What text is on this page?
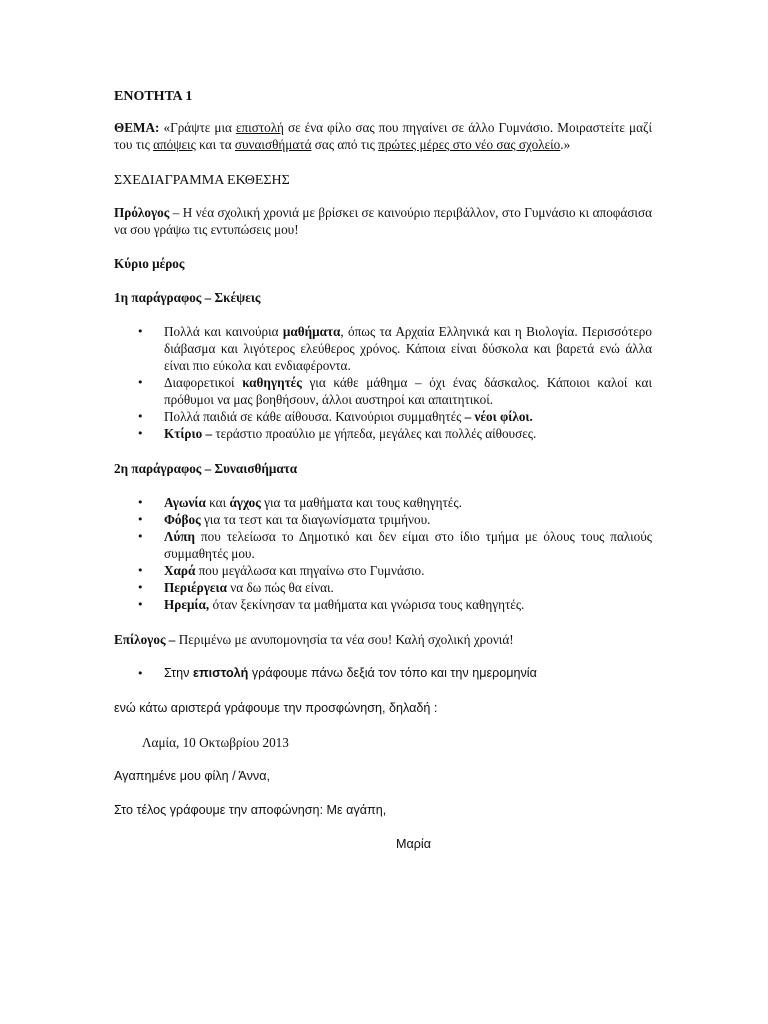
ΕΝΟΤΗΤΑ 1

ΘΕΜΑ: «Γράψτε μια επιστολή σε ένα φίλο σας που πηγαίνει σε άλλο Γυμνάσιο. Μοιραστείτε μαζί του τις απόψεις και τα συναισθήματά σας από τις πρώτες μέρες στο νέο σας σχολείο.»

ΣΧΕΔΙΑΓΡΑΜΜΑ ΕΚΘΕΣΗΣ

Πρόλογος – Η νέα σχολική χρονιά με βρίσκει σε καινούριο περιβάλλον, στο Γυμνάσιο κι αποφάσισα να σου γράψω τις εντυπώσεις μου!

Κύριο μέρος

1η παράγραφος – Σκέψεις

• Πολλά και καινούρια μαθήματα, όπως τα Αρχαία Ελληνικά και η Βιολογία. Περισσότερο διάβασμα και λιγότερος ελεύθερος χρόνος. Κάποια είναι δύσκολα και βαρετά ενώ άλλα είναι πιο εύκολα και ενδιαφέροντα.
• Διαφορετικοί καθηγητές για κάθε μάθημα – όχι ένας δάσκαλος. Κάποιοι καλοί και πρόθυμοι να μας βοηθήσουν, άλλοι αυστηροί και απαιτητικοί.
• Πολλά παιδιά σε κάθε αίθουσα. Καινούριοι συμμαθητές – νέοι φίλοι.
• Κτίριο – τεράστιο προαύλιο με γήπεδα, μεγάλες και πολλές αίθουσες.

2η παράγραφος – Συναισθήματα

• Αγωνία και άγχος για τα μαθήματα και τους καθηγητές.
• Φόβος για τα τεστ και τα διαγωνίσματα τριμήνου.
• Λύπη που τελείωσα το Δημοτικό και δεν είμαι στο ίδιο τμήμα με όλους τους παλιούς συμμαθητές μου.
• Χαρά που μεγάλωσα και πηγαίνω στο Γυμνάσιο.
• Περιέργεια να δω πώς θα είναι.
• Ηρεμία, όταν ξεκίνησαν τα μαθήματα και γνώρισα τους καθηγητές.

Επίλογος – Περιμένω με ανυπομονησία τα νέα σου! Καλή σχολική χρονιά!

• Στην επιστολή γράφουμε πάνω δεξιά τον τόπο και την ημερομηνία

ενώ κάτω αριστερά γράφουμε την προσφώνηση, δηλαδή :

Λαμία, 10 Οκτωβρίου 2013

Αγαπημένε μου φίλη / Άννα,

Στο τέλος γράφουμε την αποφώνηση: Με αγάπη,

Μαρία
